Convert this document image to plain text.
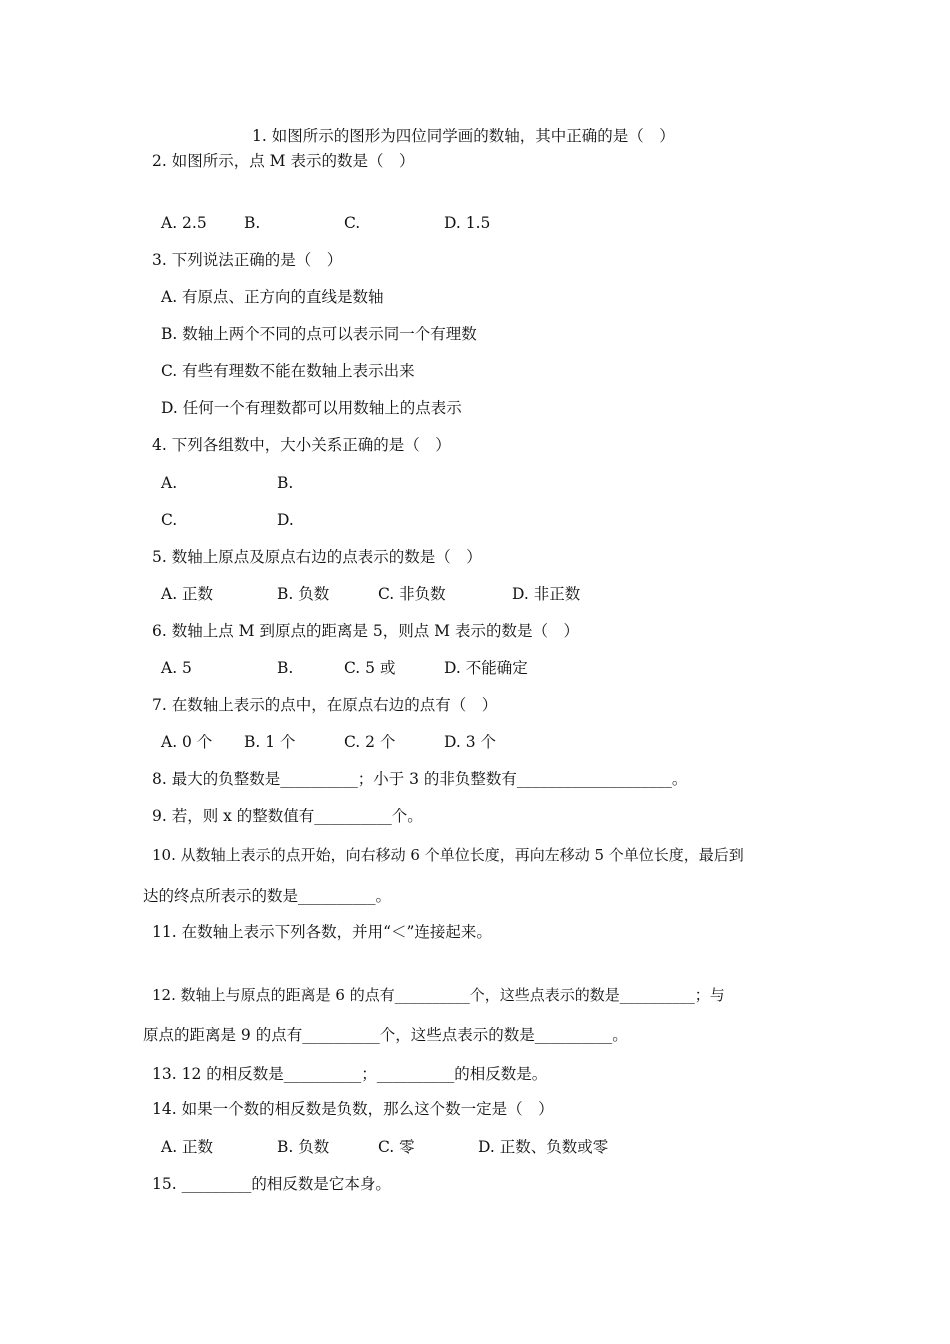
1. 如图所示的图形为四位同学画的数轴，其中正确的是（　）
2. 如图所示，点 M 表示的数是（　）
A. 2.5 B.	C.	D. 1.5
3. 下列说法正确的是（　）
A. 有原点、正方向的直线是数轴
B. 数轴上两个不同的点可以表示同一个有理数
C. 有些有理数不能在数轴上表示出来
D. 任何一个有理数都可以用数轴上的点表示
4. 下列各组数中，大小关系正确的是（　）
A.	B.
C.	D.
5. 数轴上原点及原点右边的点表示的数是（　）
A. 正数	B. 负数	C. 非负数	D. 非正数
6. 数轴上点 M 到原点的距离是 5，则点 M 表示的数是（　）
A. 5	B.	C. 5 或	D. 不能确定
7. 在数轴上表示的点中，在原点右边的点有（　）
A. 0 个 B. 1 个	C. 2 个	D. 3 个
8. 最大的负整数是__________；小于 3 的非负整数有____________________。
9. 若，则 x 的整数值有__________个。
10. 从数轴上表示的点开始，向右移动 6 个单位长度，再向左移动 5 个单位长度，最后到
达的终点所表示的数是__________。
11. 在数轴上表示下列各数，并用“＜”连接起来。
12. 数轴上与原点的距离是 6 的点有__________个，这些点表示的数是__________；与
原点的距离是 9 的点有__________个，这些点表示的数是__________。
13. 12 的相反数是__________；__________的相反数是。
14. 如果一个数的相反数是负数，那么这个数一定是（　）
A. 正数	B. 负数	C. 零	D. 正数、负数或零
15. _________的相反数是它本身。
